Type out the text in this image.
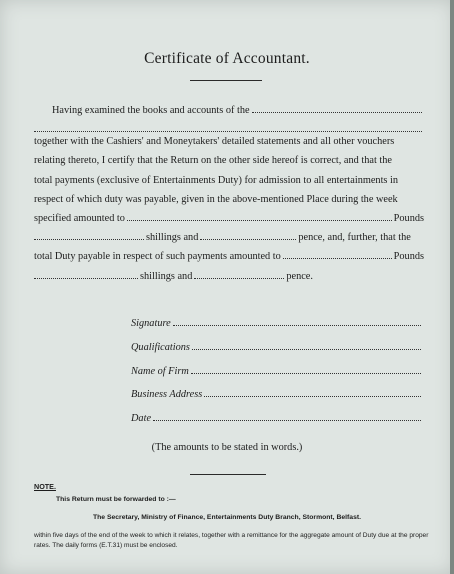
Certificate of Accountant.
Having examined the books and accounts of the
together with the Cashiers' and Moneytakers' detailed statements and all other vouchers
relating thereto, I certify that the Return on the other side hereof is correct, and that the
total payments (exclusive of Entertainments Duty) for admission to all entertainments in
respect of which duty was payable, given in the above-mentioned Place during the week
specified amounted to	Pounds
shillings and	pence, and, further, that the
total Duty payable in respect of such payments amounted to	Pounds
shillings and	pence.
Signature
Qualifications
Name of Firm
Business Address
Date
(The amounts to be stated in words.)
NOTE.
This Return must be forwarded to :—
The Secretary, Ministry of Finance, Entertainments Duty Branch, Stormont, Belfast.
within five days of the end of the week to which it relates, together with a remittance for the aggregate amount of Duty due at the proper rates. The daily forms (E.T.31) must be enclosed.
